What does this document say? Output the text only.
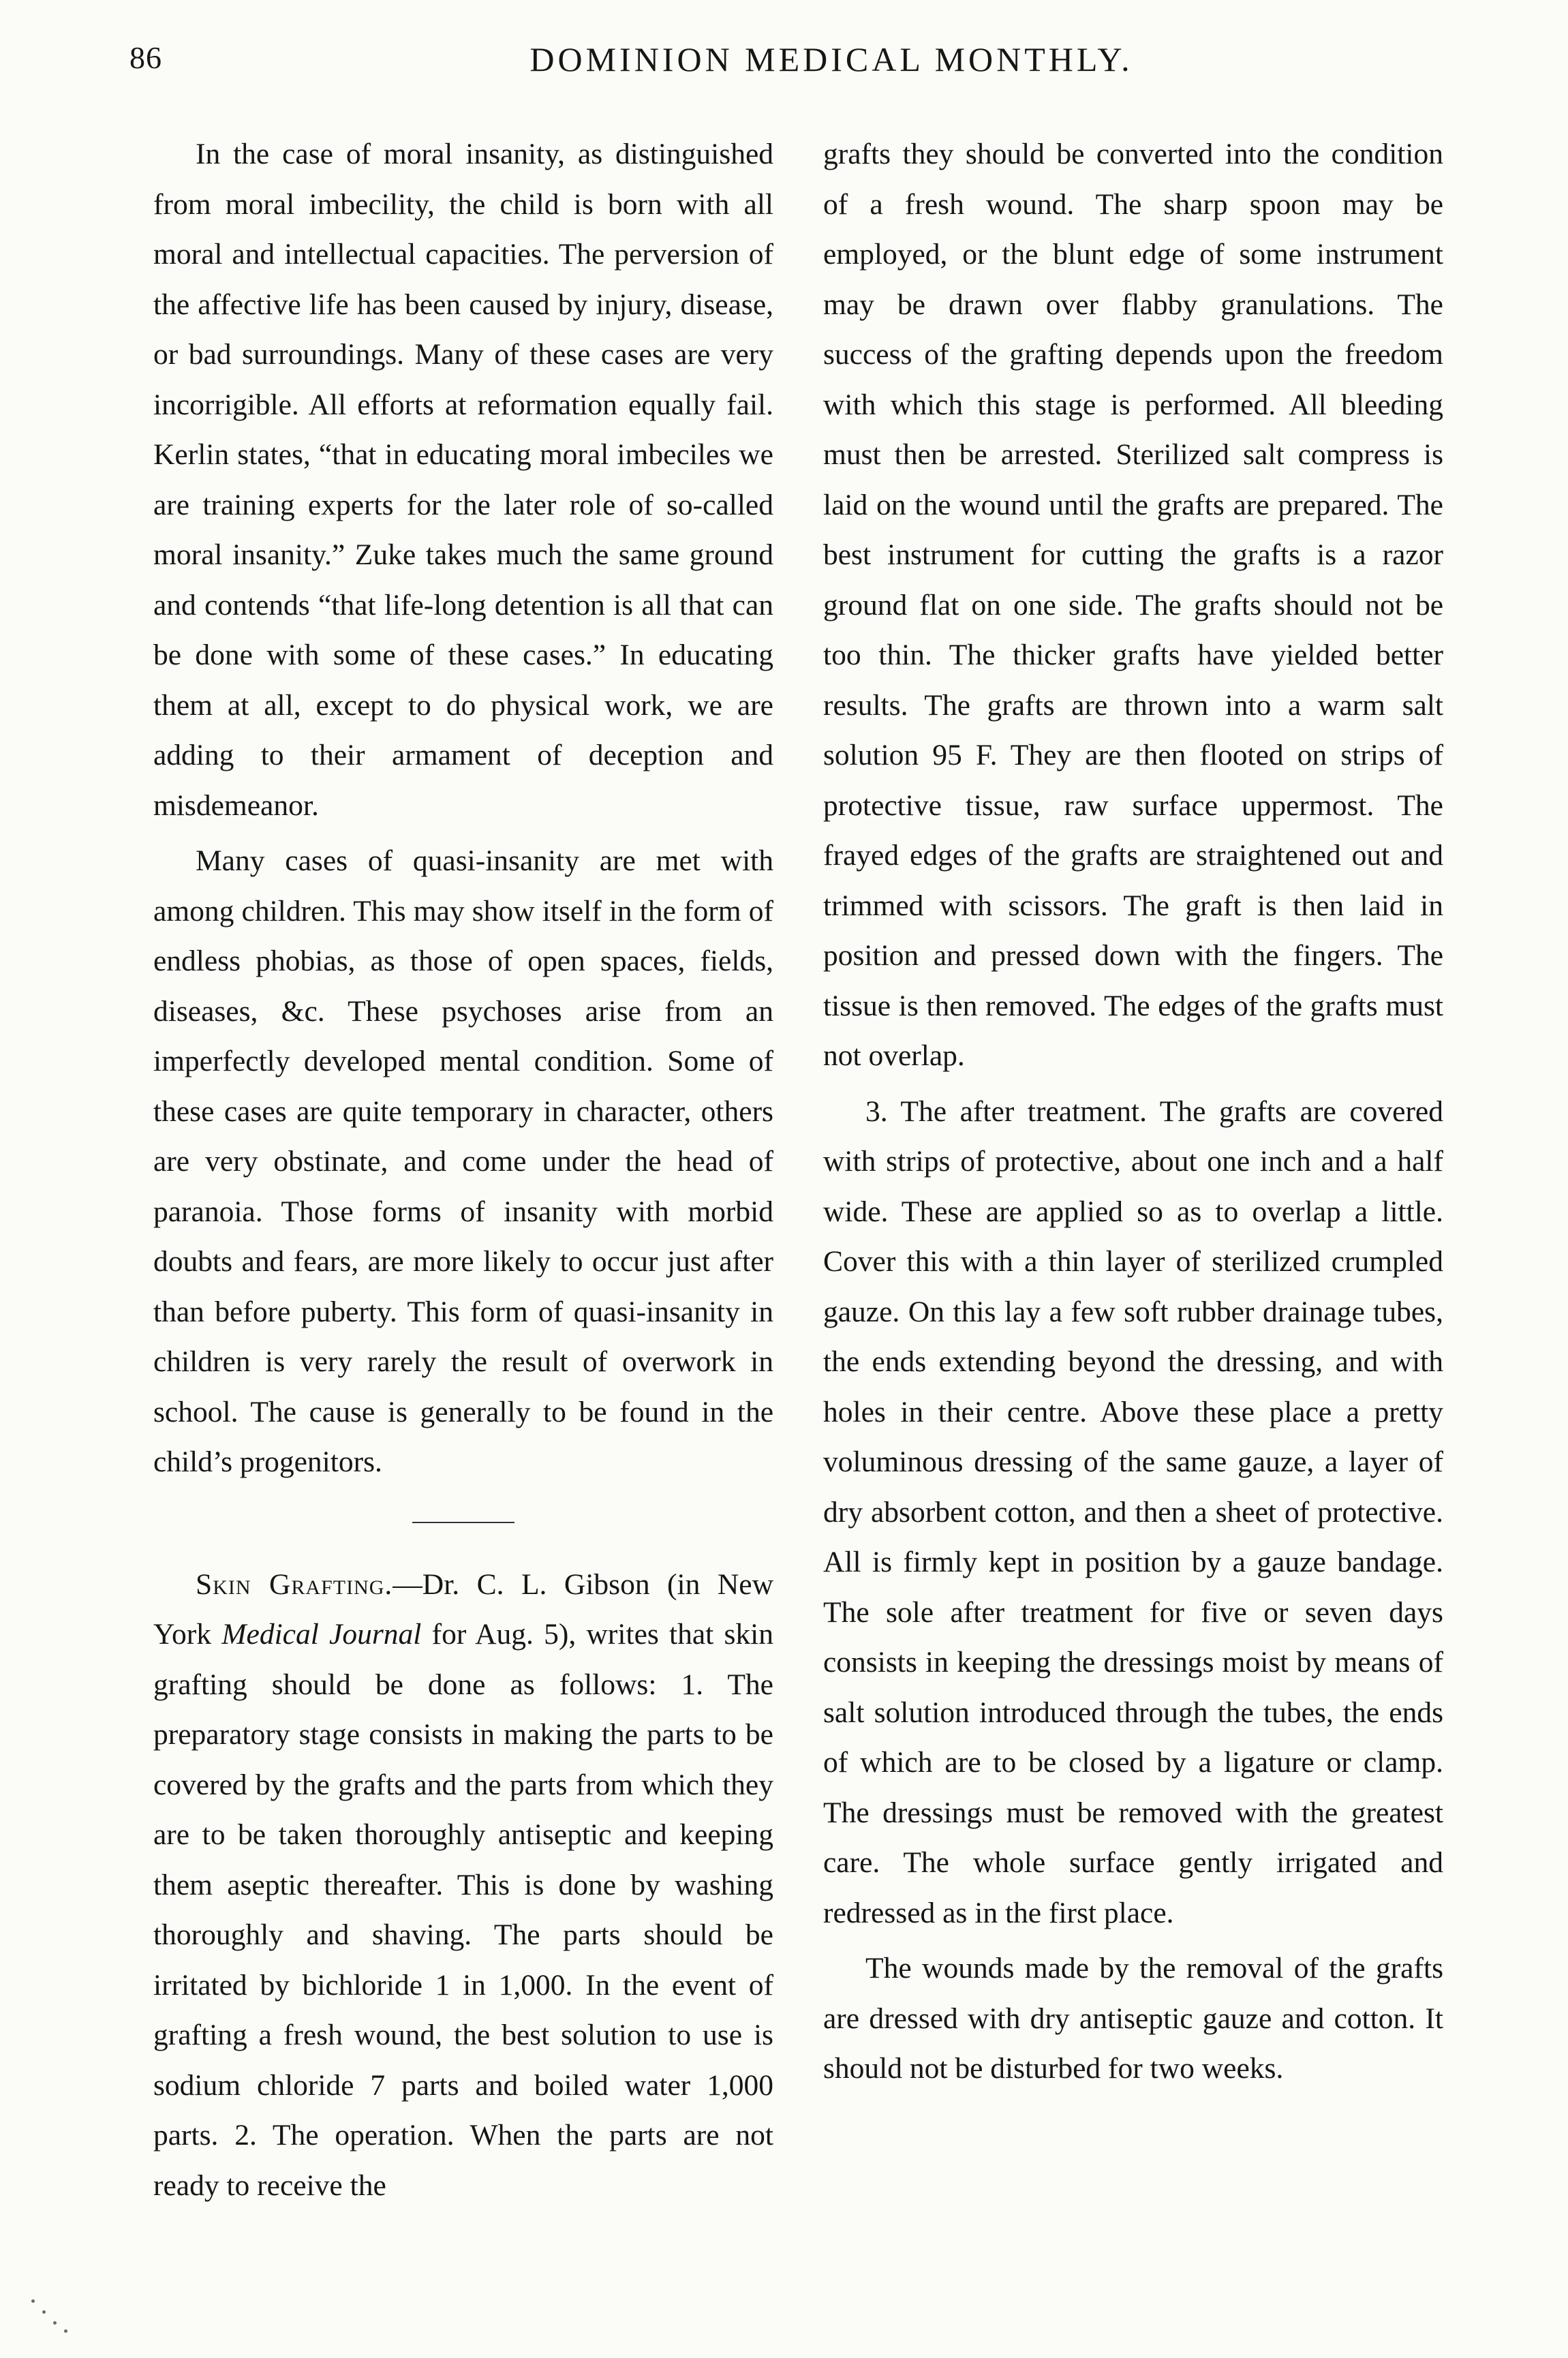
86	DOMINION MEDICAL MONTHLY.

In the case of moral insanity, as distinguished from moral imbecility, the child is born with all moral and intellectual capacities. The perversion of the affective life has been caused by injury, disease, or bad surroundings. Many of these cases are very incorrigible. All efforts at reformation equally fail. Kerlin states, “that in educating moral imbeciles we are training experts for the later role of so-called moral insanity.” Zuke takes much the same ground and contends “that life-long detention is all that can be done with some of these cases.” In educating them at all, except to do physical work, we are adding to their armament of deception and misdemeanor.

Many cases of quasi-insanity are met with among children. This may show itself in the form of endless phobias, as those of open spaces, fields, diseases, &c. These psychoses arise from an imperfectly developed mental condition. Some of these cases are quite temporary in character, others are very obstinate, and come under the head of paranoia. Those forms of insanity with morbid doubts and fears, are more likely to occur just after than before puberty. This form of quasi-insanity in children is very rarely the result of overwork in school. The cause is generally to be found in the child’s progenitors.

Skin Grafting.—Dr. C. L. Gibson (in New York Medical Journal for Aug. 5), writes that skin grafting should be done as follows: 1. The preparatory stage consists in making the parts to be covered by the grafts and the parts from which they are to be taken thoroughly antiseptic and keeping them aseptic thereafter. This is done by washing thoroughly and shaving. The parts should be irritated by bichloride 1 in 1,000. In the event of grafting a fresh wound, the best solution to use is sodium chloride 7 parts and boiled water 1,000 parts. 2. The operation. When the parts are not ready to receive the

grafts they should be converted into the condition of a fresh wound. The sharp spoon may be employed, or the blunt edge of some instrument may be drawn over flabby granulations. The success of the grafting depends upon the freedom with which this stage is performed. All bleeding must then be arrested. Sterilized salt compress is laid on the wound until the grafts are prepared. The best instrument for cutting the grafts is a razor ground flat on one side. The grafts should not be too thin. The thicker grafts have yielded better results. The grafts are thrown into a warm salt solution 95 F. They are then flooted on strips of protective tissue, raw surface uppermost. The frayed edges of the grafts are straightened out and trimmed with scissors. The graft is then laid in position and pressed down with the fingers. The tissue is then removed. The edges of the grafts must not overlap.

3. The after treatment. The grafts are covered with strips of protective, about one inch and a half wide. These are applied so as to overlap a little. Cover this with a thin layer of sterilized crumpled gauze. On this lay a few soft rubber drainage tubes, the ends extending beyond the dressing, and with holes in their centre. Above these place a pretty voluminous dressing of the same gauze, a layer of dry absorbent cotton, and then a sheet of protective. All is firmly kept in position by a gauze bandage. The sole after treatment for five or seven days consists in keeping the dressings moist by means of salt solution introduced through the tubes, the ends of which are to be closed by a ligature or clamp. The dressings must be removed with the greatest care. The whole surface gently irrigated and redressed as in the first place.

The wounds made by the removal of the grafts are dressed with dry antiseptic gauze and cotton. It should not be disturbed for two weeks.
